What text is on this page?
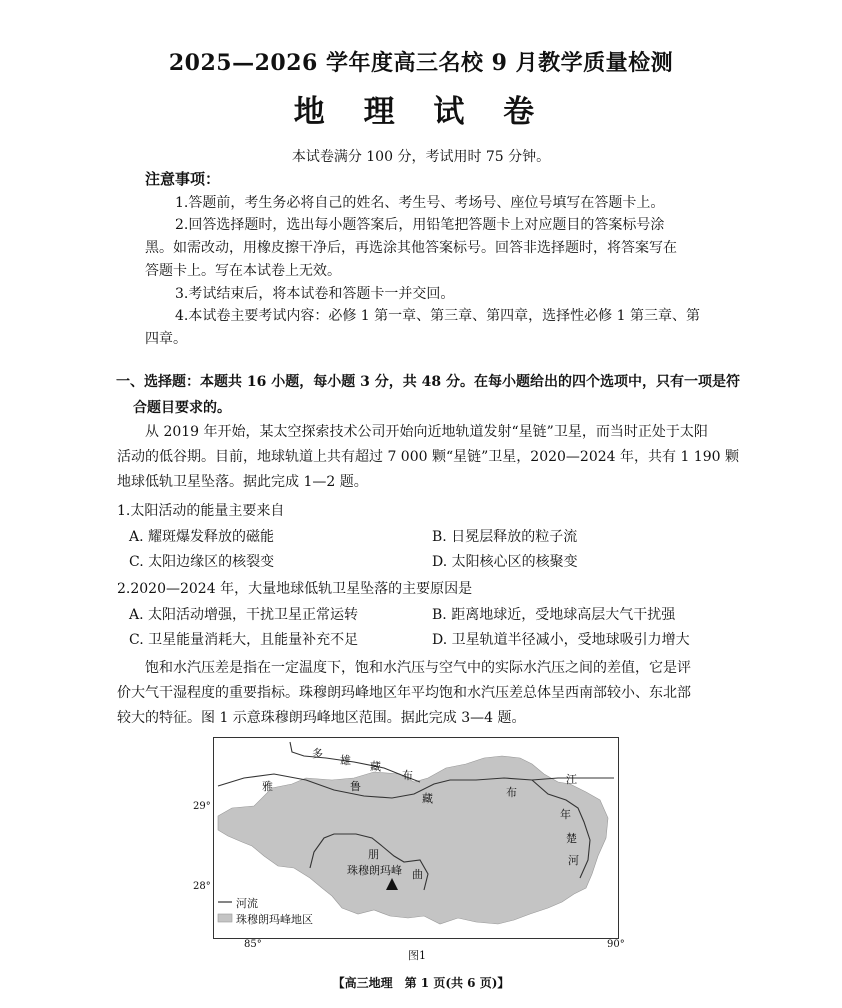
2025—2026 学年度高三名校 9 月教学质量检测
地 理 试 卷
本试卷满分 100 分，考试用时 75 分钟。
注意事项：
1.答题前，考生务必将自己的姓名、考生号、考场号、座位号填写在答题卡上。
2.回答选择题时，选出每小题答案后，用铅笔把答题卡上对应题目的答案标号涂
黑。如需改动，用橡皮擦干净后，再选涂其他答案标号。回答非选择题时，将答案写在
答题卡上。写在本试卷上无效。
3.考试结束后，将本试卷和答题卡一并交回。
4.本试卷主要考试内容：必修 1 第一章、第三章、第四章，选择性必修 1 第三章、第
四章。
一、选择题：本题共 16 小题，每小题 3 分，共 48 分。在每小题给出的四个选项中，只有一项是符
合题目要求的。
从 2019 年开始，某太空探索技术公司开始向近地轨道发射“星链”卫星，而当时正处于太阳
活动的低谷期。目前，地球轨道上共有超过 7 000 颗“星链”卫星，2020—2024 年，共有 1 190 颗
地球低轨卫星坠落。据此完成 1—2 题。
1.太阳活动的能量主要来自
A. 耀斑爆发释放的磁能	B. 日冕层释放的粒子流
C. 太阳边缘区的核裂变	D. 太阳核心区的核聚变
2.2020—2024 年，大量地球低轨卫星坠落的主要原因是
A. 太阳活动增强，干扰卫星正常运转	B. 距离地球近，受地球高层大气干扰强
C. 卫星能量消耗大，且能量补充不足	D. 卫星轨道半径减小，受地球吸引力增大
饱和水汽压差是指在一定温度下，饱和水汽压与空气中的实际水汽压之间的差值，它是评
价大气干湿程度的重要指标。珠穆朗玛峰地区年平均饱和水汽压差总体呈西南部较小、东北部
较大的特征。图 1 示意珠穆朗玛峰地区范围。据此完成 3—4 题。
29°
28°
85°	90°
多
雄 藏
布
雅	鲁
藏	布
江
朋
曲
年
楚
河
珠穆朗玛峰
河流
珠穆朗玛峰地区
图1
【高三地理　第 1 页(共 6 页)】
